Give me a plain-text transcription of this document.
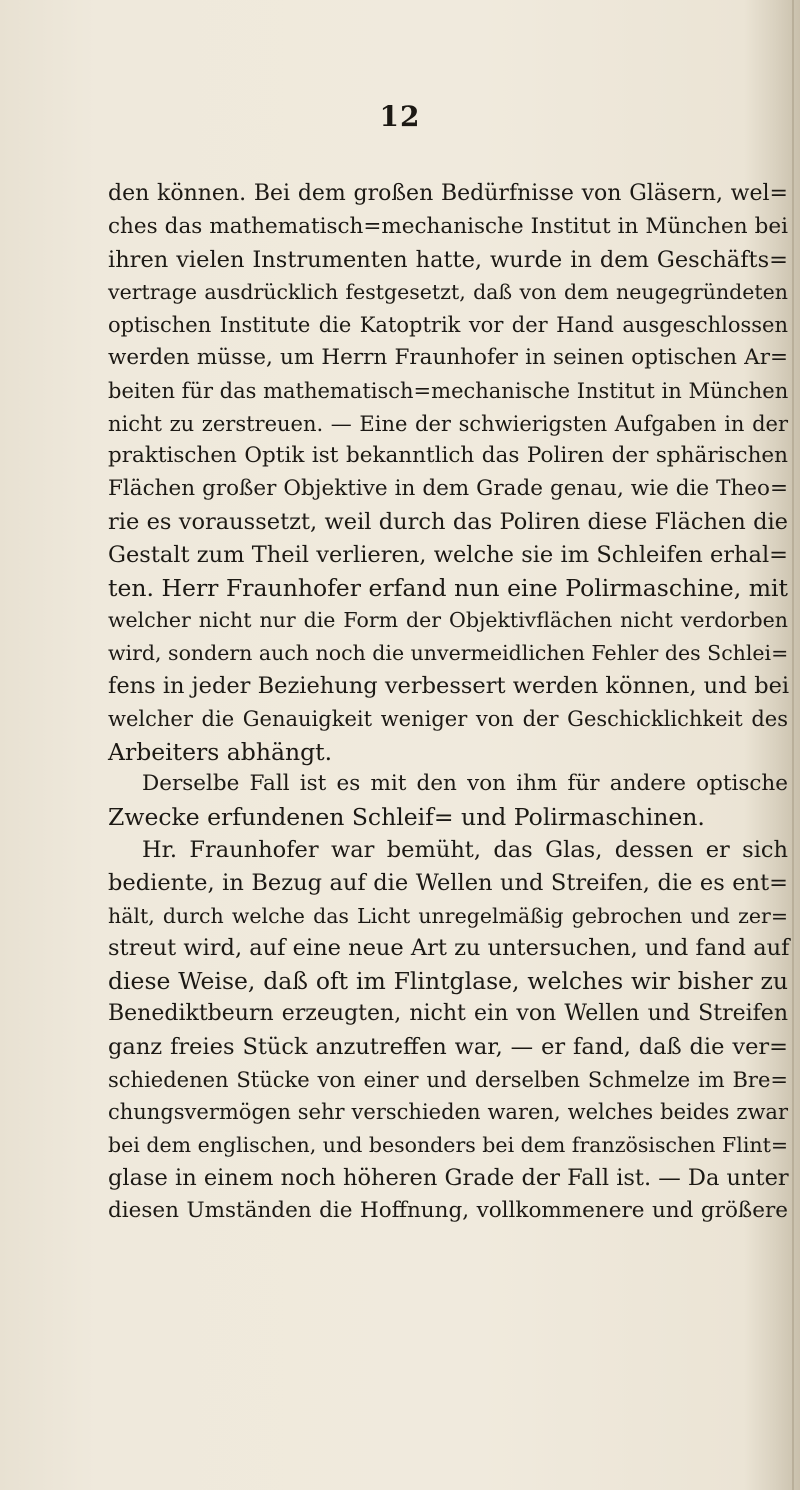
12
den können. Bei dem großen Bedürfnisse von Gläsern, wel=
ches das mathematisch=mechanische Institut in München bei
ihren vielen Instrumenten hatte, wurde in dem Geschäfts=
vertrage ausdrücklich festgesetzt, daß von dem neugegründeten
optischen Institute die Katoptrik vor der Hand ausgeschlossen
werden müsse, um Herrn Fraunhofer in seinen optischen Ar=
beiten für das mathematisch=mechanische Institut in München
nicht zu zerstreuen. — Eine der schwierigsten Aufgaben in der
praktischen Optik ist bekanntlich das Poliren der sphärischen
Flächen großer Objektive in dem Grade genau, wie die Theo=
rie es voraussetzt, weil durch das Poliren diese Flächen die
Gestalt zum Theil verlieren, welche sie im Schleifen erhal=
ten. Herr Fraunhofer erfand nun eine Polirmaschine, mit
welcher nicht nur die Form der Objektivflächen nicht verdorben
wird, sondern auch noch die unvermeidlichen Fehler des Schlei=
fens in jeder Beziehung verbessert werden können, und bei
welcher die Genauigkeit weniger von der Geschicklichkeit des
Arbeiters abhängt.
Derselbe Fall ist es mit den von ihm für andere optische
Zwecke erfundenen Schleif= und Polirmaschinen.
Hr. Fraunhofer war bemüht, das Glas, dessen er sich
bediente, in Bezug auf die Wellen und Streifen, die es ent=
hält, durch welche das Licht unregelmäßig gebrochen und zer=
streut wird, auf eine neue Art zu untersuchen, und fand auf
diese Weise, daß oft im Flintglase, welches wir bisher zu
Benediktbeurn erzeugten, nicht ein von Wellen und Streifen
ganz freies Stück anzutreffen war, — er fand, daß die ver=
schiedenen Stücke von einer und derselben Schmelze im Bre=
chungsvermögen sehr verschieden waren, welches beides zwar
bei dem englischen, und besonders bei dem französischen Flint=
glase in einem noch höheren Grade der Fall ist. — Da unter
diesen Umständen die Hoffnung, vollkommenere und größere
